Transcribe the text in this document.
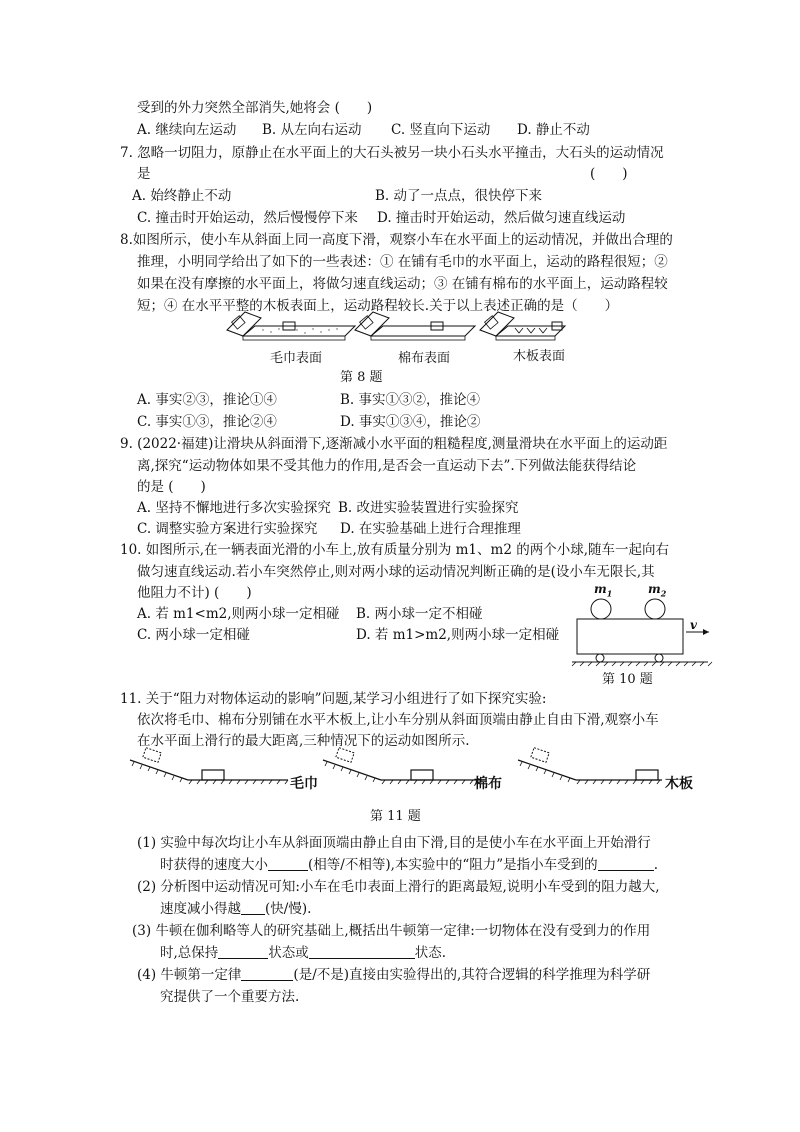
受到的外力突然全部消失,她将会 (　　)
A. 继续向左运动 B. 从左向右运动 C. 竖直向下运动 D. 静止不动
7. 忽略一切阻力，原静止在水平面上的大石头被另一块小石头水平撞击，大石头的运动情况
是	(　　)
A. 始终静止不动	B. 动了一点点，很快停下来
C. 撞击时开始运动，然后慢慢停下来 D. 撞击时开始运动，然后做匀速直线运动
8.如图所示，使小车从斜面上同一高度下滑，观察小车在水平面上的运动情况，并做出合理的
推理，小明同学给出了如下的一些表述：① 在铺有毛巾的水平面上，运动的路程很短；②
如果在没有摩擦的水平面上，将做匀速直线运动；③ 在铺有棉布的水平面上，运动路程较
短；④ 在水平平整的木板表面上，运动路程较长.关于以上表述正确的是（　　）
毛巾表面	棉布表面	木板表面
第 8 题
A. 事实②③，推论①④	B. 事实①③②，推论④
C. 事实①③，推论②④	D. 事实①③④，推论②
9. (2022·福建)让滑块从斜面滑下,逐渐减小水平面的粗糙程度,测量滑块在水平面上的运动距
离,探究“运动物体如果不受其他力的作用,是否会一直运动下去”.下列做法能获得结论
的是 (　　)
A. 坚持不懈地进行多次实验探究 B. 改进实验装置进行实验探究
C. 调整实验方案进行实验探究 D. 在实验基础上进行合理推理
10. 如图所示,在一辆表面光滑的小车上,放有质量分别为 m1、m2 的两个小球,随车一起向右
做匀速直线运动.若小车突然停止,则对两小球的运动情况判断正确的是(设小车无限长,其
他阻力不计) (　　)
A. 若 m1<m2,则两小球一定相碰 B. 两小球一定不相碰
C. 两小球一定相碰	D. 若 m1>m2,则两小球一定相碰
$m_1$	$m_2$
v
第 10 题
11. 关于“阻力对物体运动的影响”问题,某学习小组进行了如下探究实验:
依次将毛巾、棉布分别铺在水平木板上,让小车分别从斜面顶端由静止自由下滑,观察小车
在水平面上滑行的最大距离,三种情况下的运动如图所示.
毛巾	棉布	木板
第 11 题
(1) 实验中每次均让小车从斜面顶端由静止自由下滑,目的是使小车在水平面上开始滑行
时获得的速度大小	(相等/不相等),本实验中的“阻力”是指小车受到的	.
(2) 分析图中运动情况可知:小车在毛巾表面上滑行的距离最短,说明小车受到的阻力越大,
速度减小得越 (快/慢).
(3) 牛顿在伽利略等人的研究基础上,概括出牛顿第一定律:一切物体在没有受到力的作用
时,总保持	状态或	状态.
(4) 牛顿第一定律	(是/不是)直接由实验得出的,其符合逻辑的科学推理为科学研
究提供了一个重要方法.
